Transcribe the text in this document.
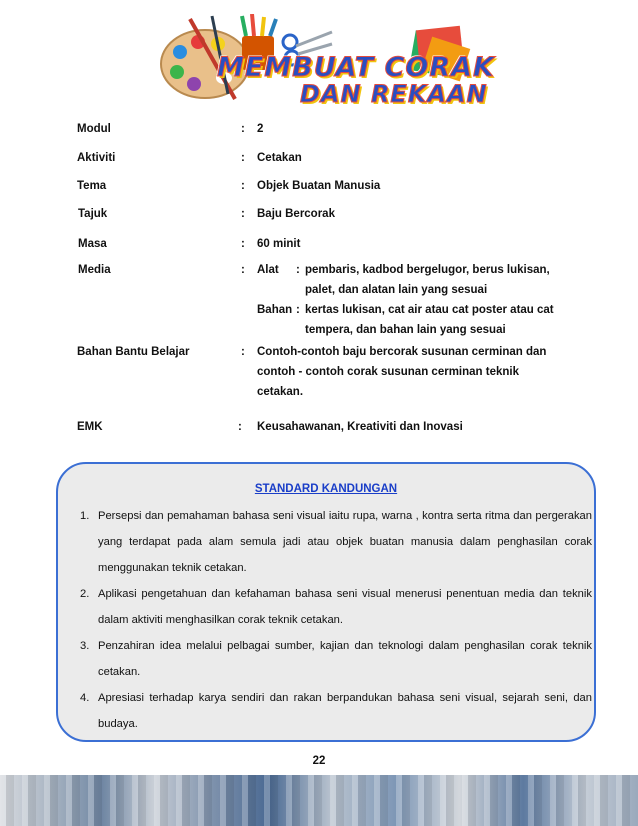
MEMBUAT CORAK
DAN REKAAN
Modul	: 2
Aktiviti	: Cetakan
Tema	: Objek Buatan Manusia
Tajuk	: Baju Bercorak
Masa	: 60 minit
Media	: Alat : pembaris, kadbod bergelugor, berus lukisan,
palet, dan alatan lain yang sesuai
Bahan : kertas lukisan, cat air atau cat poster atau cat
tempera, dan bahan lain yang sesuai
Bahan Bantu Belajar	: Contoh-contoh baju bercorak susunan cerminan dan contoh - contoh corak susunan cerminan teknik cetakan.
EMK	: Keusahawanan, Kreativiti dan Inovasi
STANDARD KANDUNGAN
1. Persepsi dan pemahaman bahasa seni visual iaitu rupa, warna , kontra serta ritma dan pergerakan yang terdapat pada alam semula jadi atau objek buatan manusia dalam penghasilan corak menggunakan teknik cetakan.
2. Aplikasi pengetahuan dan kefahaman bahasa seni visual menerusi penentuan media dan teknik dalam aktiviti menghasilkan corak teknik cetakan.
3. Penzahiran idea melalui pelbagai sumber, kajian dan teknologi dalam penghasilan corak teknik cetakan.
4. Apresiasi terhadap karya sendiri dan rakan berpandukan bahasa seni visual, sejarah seni, dan budaya.
22
